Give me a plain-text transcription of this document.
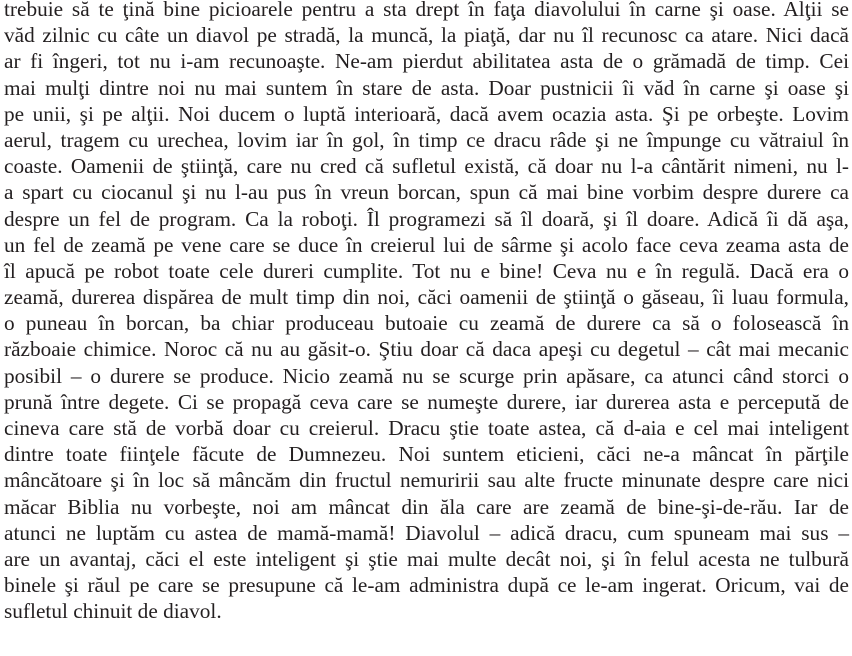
trebuie să te ţină bine picioarele pentru a sta drept în faţa diavolului în carne şi oase. Alţii se
văd zilnic cu câte un diavol pe stradă, la muncă, la piaţă, dar nu îl recunosc ca atare. Nici dacă
ar fi îngeri, tot nu i-am recunoaşte. Ne-am pierdut abilitatea asta de o grămadă de timp. Cei
mai mulţi dintre noi nu mai suntem în stare de asta. Doar pustnicii îi văd în carne şi oase şi
pe unii, şi pe alţii. Noi ducem o luptă interioară, dacă avem ocazia asta. Şi pe orbeşte. Lovim
aerul, tragem cu urechea, lovim iar în gol, în timp ce dracu râde şi ne împunge cu vătraiul în
coaste. Oamenii de ştiinţă, care nu cred că sufletul există, că doar nu l-a cântărit nimeni, nu l-
a spart cu ciocanul şi nu l-au pus în vreun borcan, spun că mai bine vorbim despre durere ca
despre un fel de program. Ca la roboţi. Îl programezi să îl doară, şi îl doare. Adică îi dă aşa,
un fel de zeamă pe vene care se duce în creierul lui de sârme şi acolo face ceva zeama asta de
îl apucă pe robot toate cele dureri cumplite. Tot nu e bine! Ceva nu e în regulă. Dacă era o
zeamă, durerea dispărea de mult timp din noi, căci oamenii de ştiinţă o găseau, îi luau formula,
o puneau în borcan, ba chiar produceau butoaie cu zeamă de durere ca să o folosească în
războaie chimice. Noroc că nu au găsit-o. Ştiu doar că daca apeşi cu degetul – cât mai mecanic
posibil – o durere se produce. Nicio zeamă nu se scurge prin apăsare, ca atunci când storci o
prună între degete. Ci se propagă ceva care se numeşte durere, iar durerea asta e percepută de
cineva care stă de vorbă doar cu creierul. Dracu ştie toate astea, că d-aia e cel mai inteligent
dintre toate fiinţele făcute de Dumnezeu. Noi suntem eticieni, căci ne-a mâncat în părţile
mâncătoare şi în loc să mâncăm din fructul nemuririi sau alte fructe minunate despre care nici
măcar Biblia nu vorbeşte, noi am mâncat din ăla care are zeamă de bine-şi-de-rău. Iar de
atunci ne luptăm cu astea de mamă-mamă! Diavolul – adică dracu, cum spuneam mai sus –
are un avantaj, căci el este inteligent şi ştie mai multe decât noi, şi în felul acesta ne tulbură
binele şi răul pe care se presupune că le-am administra după ce le-am ingerat. Oricum, vai de
sufletul chinuit de diavol.
